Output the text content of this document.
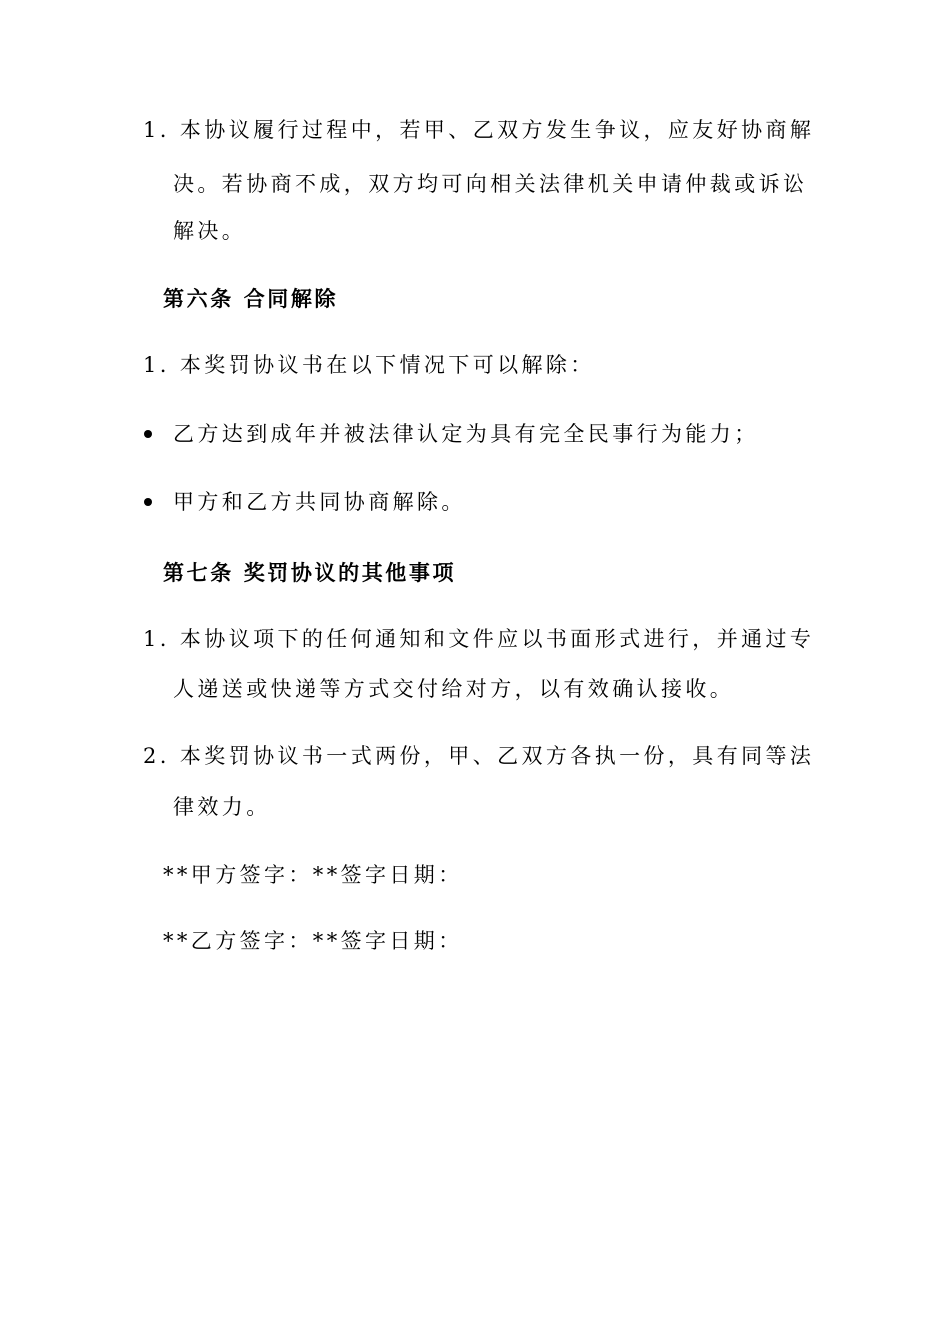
1. 本协议履行过程中，若甲、乙双方发生争议，应友好协商解
决。若协商不成，双方均可向相关法律机关申请仲裁或诉讼
解决。
第六条 合同解除
1. 本奖罚协议书在以下情况下可以解除：
乙方达到成年并被法律认定为具有完全民事行为能力；
甲方和乙方共同协商解除。
第七条 奖罚协议的其他事项
1. 本协议项下的任何通知和文件应以书面形式进行，并通过专
人递送或快递等方式交付给对方，以有效确认接收。
2. 本奖罚协议书一式两份，甲、乙双方各执一份，具有同等法
律效力。
**甲方签字：**签字日期：
**乙方签字：**签字日期：
